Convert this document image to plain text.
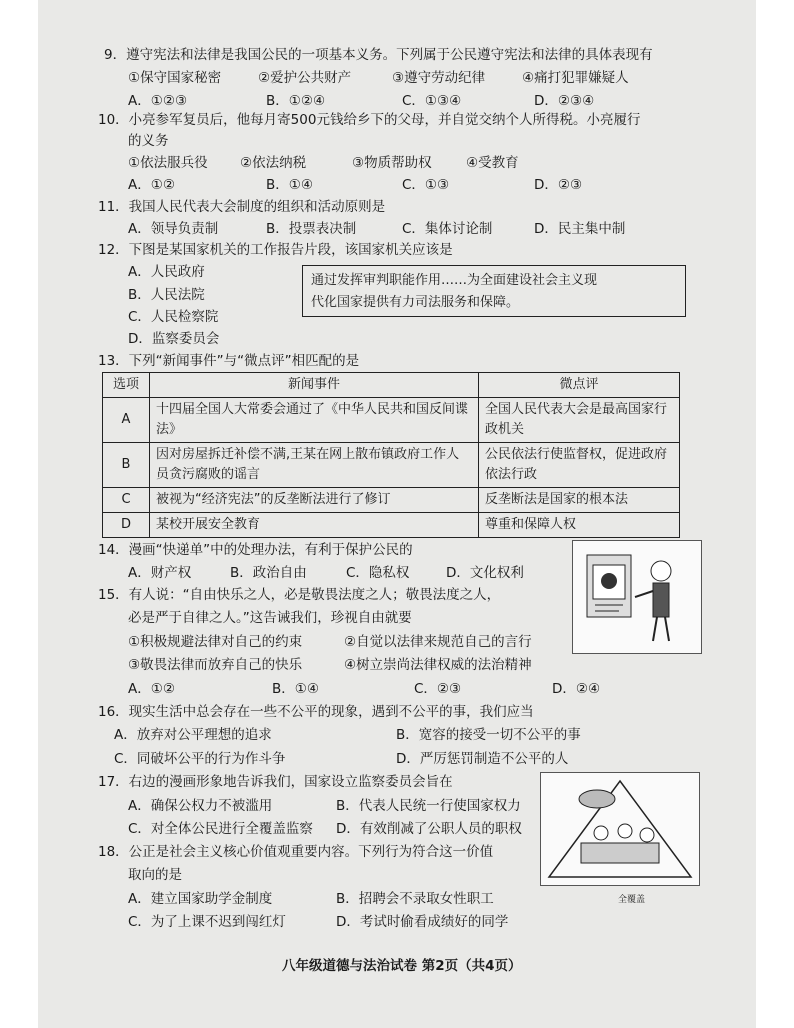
9．遵守宪法和法律是我国公民的一项基本义务。下列属于公民遵守宪法和法律的具体表现有
①保守国家秘密	②爱护公共财产	③遵守劳动纪律	④痛打犯罪嫌疑人
A．①②③	B．①②④	C．①③④	D．②③④
10．小亮参军复员后，他每月寄500元钱给乡下的父母，并自觉交纳个人所得税。小亮履行
的义务
①依法服兵役 ②依法纳税	③物质帮助权	④受教育
A．①②	B．①④	C．①③	D．②③
11．我国人民代表大会制度的组织和活动原则是
A．领导负责制	B．投票表决制	C．集体讨论制	D．民主集中制
12．下图是某国家机关的工作报告片段，该国家机关应该是
A．人民政府
B．人民法院
C．人民检察院
D．监察委员会
通过发挥审判职能作用……为全面建设社会主义现
代化国家提供有力司法服务和保障。
13．下列“新闻事件”与“微点评”相匹配的是
选项	新闻事件	微点评
A	十四届全国人大常委会通过了《中华人民共和国反间谍法》	全国人民代表大会是最高国家行政机关
B	因对房屋拆迁补偿不满,王某在网上散布镇政府工作人员贪污腐败的谣言	公民依法行使监督权，促进政府依法行政
C	被视为“经济宪法”的反垄断法进行了修订	反垄断法是国家的根本法
D	某校开展安全教育	尊重和保障人权
14．漫画“快递单”中的处理办法，有利于保护公民的
A．财产权	B．政治自由	C．隐私权	D．文化权利
15．有人说：“自由快乐之人，必是敬畏法度之人；敬畏法度之人，
必是严于自律之人。”这告诫我们，珍视自由就要
①积极规避法律对自己的约束	②自觉以法律来规范自己的言行
③敬畏法律而放弃自己的快乐	④树立崇尚法律权威的法治精神
A．①②	B．①④	C．②③	D．②④
16．现实生活中总会存在一些不公平的现象，遇到不公平的事，我们应当
A．放弃对公平理想的追求	B．宽容的接受一切不公平的事
C．同破坏公平的行为作斗争	D．严厉惩罚制造不公平的人
17．右边的漫画形象地告诉我们，国家设立监察委员会旨在
A．确保公权力不被滥用	B．代表人民统一行使国家权力
C．对全体公民进行全覆盖监察 D．有效削减了公职人员的职权
18．公正是社会主义核心价值观重要内容。下列行为符合这一价值
取向的是
A．建立国家助学金制度	B．招聘会不录取女性职工
C．为了上课不迟到闯红灯	D．考试时偷看成绩好的同学
全覆盖
八年级道德与法治试卷 第2页（共4页）
